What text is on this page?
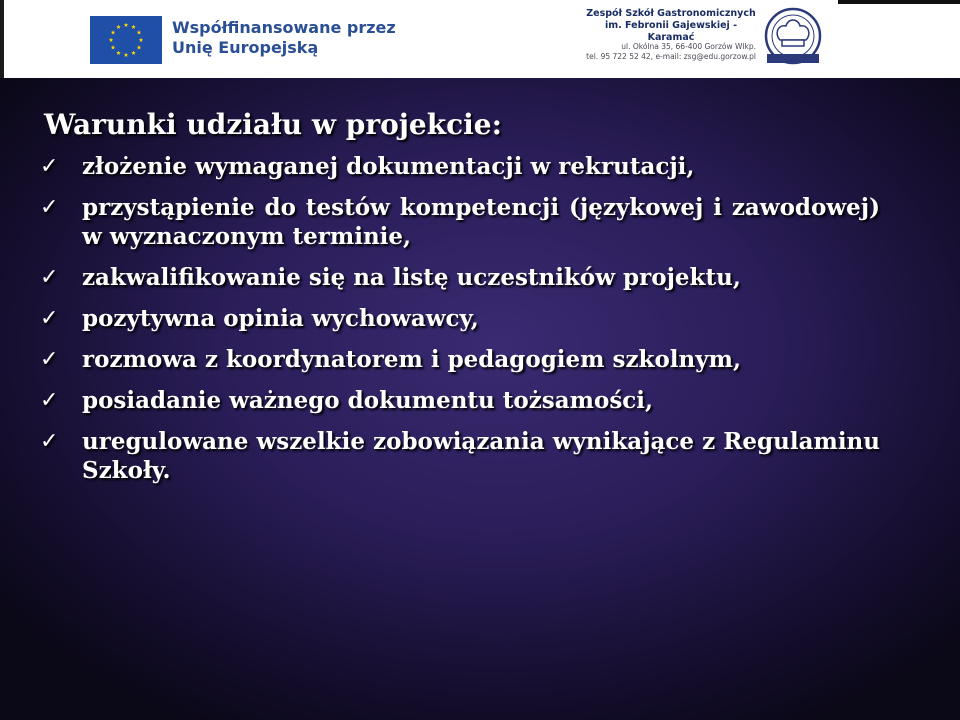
Współfinansowane przez
Unię Europejską
Zespół Szkół Gastronomicznych
im. Febronii Gajewskiej - Karamać
ul. Okólna 35, 66-400 Gorzów Wlkp.
tel. 95 722 52 42, e-mail: zsg@edu.gorzow.pl
Warunki udziału w projekcie:
✓ złożenie wymaganej dokumentacji w rekrutacji,
✓ przystąpienie do testów kompetencji (językowej i zawodowej) w wyznaczonym terminie,
✓ zakwalifikowanie się na listę uczestników projektu,
✓ pozytywna opinia wychowawcy,
✓ rozmowa z koordynatorem i pedagogiem szkolnym,
✓ posiadanie ważnego dokumentu tożsamości,
✓ uregulowane wszelkie zobowiązania wynikające z Regulaminu Szkoły.
